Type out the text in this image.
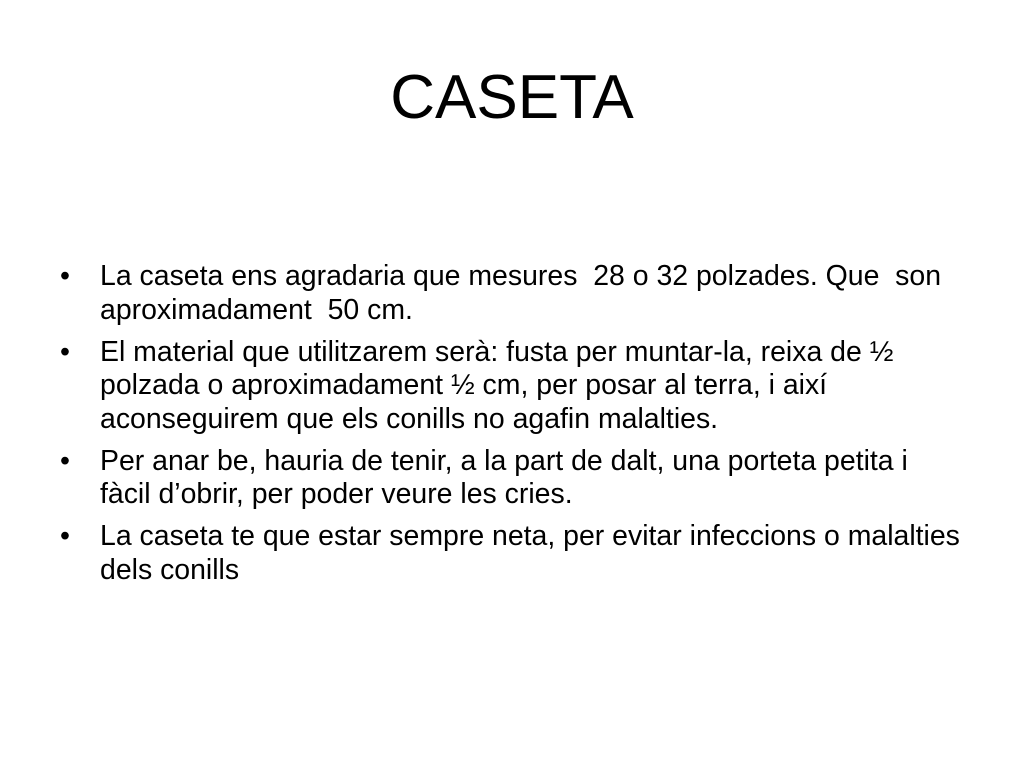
CASETA
• La caseta ens agradaria que mesures  28 o 32 polzades. Que  son
aproximadament  50 cm.
• El material que utilitzarem serà: fusta per muntar-la, reixa de ½
polzada o aproximadament ½ cm, per posar al terra, i així
aconseguirem que els conills no agafin malalties.
• Per anar be, hauria de tenir, a la part de dalt, una porteta petita i
fàcil d’obrir, per poder veure les cries.
• La caseta te que estar sempre neta, per evitar infeccions o malalties
dels conills
